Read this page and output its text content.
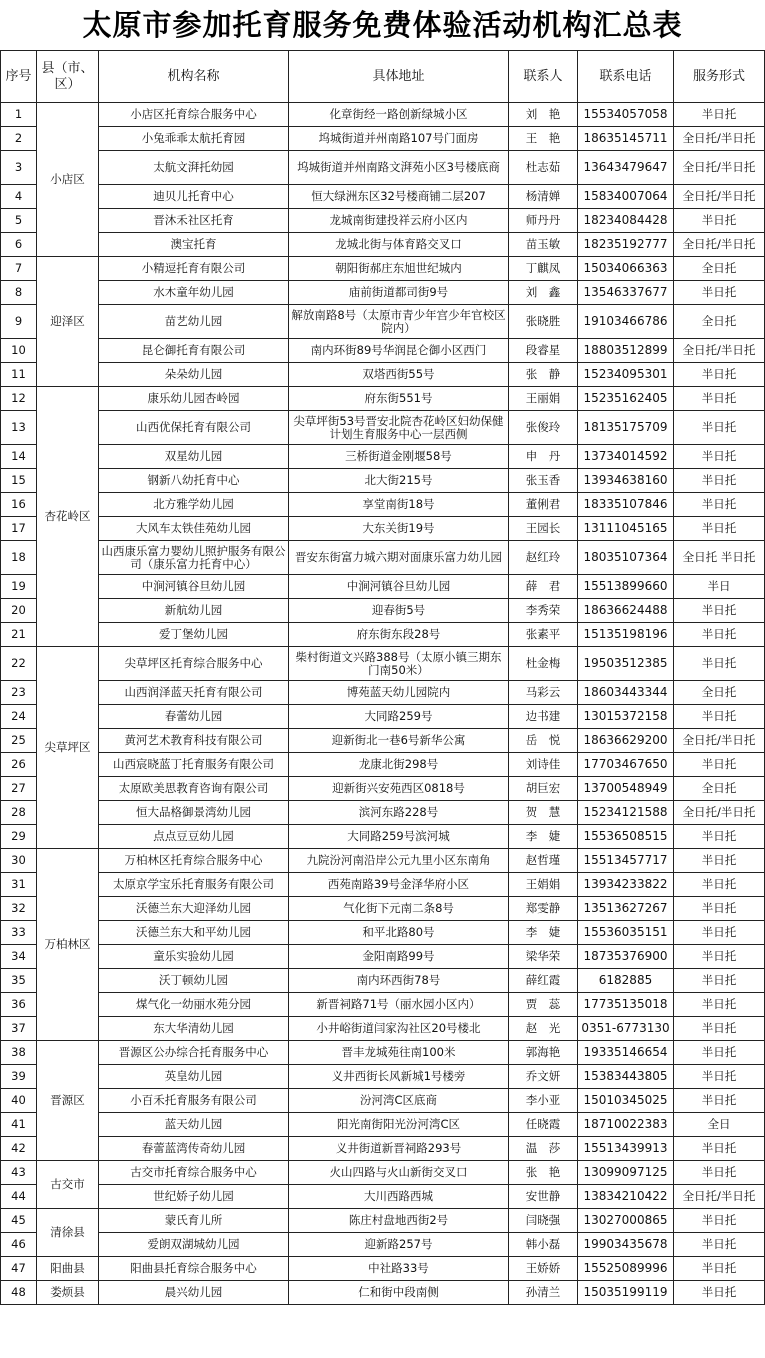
太原市参加托育服务免费体验活动机构汇总表
序号	县（市、区）	机构名称	具体地址	联系人	联系电话	服务形式
1	小店区	小店区托育综合服务中心	化章街经一路创新绿城小区	刘　艳	15534057058	半日托
2		小兔乖乖太航托育园	坞城街道并州南路107号门面房	王　艳	18635145711	全日托/半日托
3		太航文湃托幼园	坞城街道并州南路文湃苑小区3号楼底商	杜志茹	13643479647	全日托/半日托
4		迪贝儿托育中心	恒大绿洲东区32号楼商铺二层207	杨清婵	15834007064	全日托/半日托
5		晋沐禾社区托育	龙城南街建投祥云府小区内	师丹丹	18234084428	半日托
6		澳宝托育	龙城北街与体育路交叉口	苗玉敏	18235192777	全日托/半日托
7	迎泽区	小精逗托育有限公司	朝阳街郝庄东旭世纪城内	丁麒凤	15034066363	全日托
8		水木童年幼儿园	庙前街道都司街9号	刘　鑫	13546337677	半日托
9		苗艺幼儿园	解放南路8号（太原市青少年宫少年官校区院内）	张晓胜	19103466786	全日托
10		昆仑御托育有限公司	南内环街89号华润昆仑御小区西门	段睿星	18803512899	全日托/半日托
11		朵朵幼儿园	双塔西街55号	张　静	15234095301	半日托
12	杏花岭区	康乐幼儿园杏岭园	府东街551号	王丽娟	15235162405	半日托
13		山西优保托育有限公司	尖草坪街53号晋安北院杏花岭区妇幼保健计划生育服务中心一层西侧	张俊玲	18135175709	半日托
14		双星幼儿园	三桥街道金刚堰58号	申　丹	13734014592	半日托
15		钢新八幼托育中心	北大街215号	张玉香	13934638160	半日托
16		北方雅学幼儿园	享堂南街18号	董俐君	18335107846	半日托
17		大风车太铁佳苑幼儿园	大东关街19号	王园长	13111045165	半日托
18		山西康乐富力婴幼儿照护服务有限公司（康乐富力托育中心）	晋安东街富力城六期对面康乐富力幼儿园	赵红玲	18035107364	全日托 半日托
19		中涧河镇谷旦幼儿园	中涧河镇谷旦幼儿园	薛　君	15513899660	半日
20		新航幼儿园	迎春街5号	李秀荣	18636624488	半日托
21		爱丁堡幼儿园	府东街东段28号	张素平	15135198196	半日托
22	尖草坪区	尖草坪区托育综合服务中心	柴村街道文兴路388号（太原小镇三期东门南50米）	杜金梅	19503512385	半日托
23		山西润泽蓝天托育有限公司	博苑蓝天幼儿园院内	马彩云	18603443344	全日托
24		春蕾幼儿园	大同路259号	边书建	13015372158	半日托
25		黄河艺术教育科技有限公司	迎新街北一巷6号新华公寓	岳　悦	18636629200	全日托/半日托
26		山西宸晓蓝丁托育服务有限公司	龙康北街298号	刘诗佳	17703467650	半日托
27		太原欧美思教育咨询有限公司	迎新街兴安苑西区0818号	胡巨宏	13700548949	全日托
28		恒大品格御景湾幼儿园	滨河东路228号	贺　慧	15234121588	全日托/半日托
29		点点豆豆幼儿园	大同路259号滨河城	李　婕	15536508515	半日托
30	万柏林区	万柏林区托育综合服务中心	九院汾河南沿岸公元九里小区东南角	赵哲瑾	15513457717	半日托
31		太原京学宝乐托育服务有限公司	西苑南路39号金泽华府小区	王娟娟	13934233822	半日托
32		沃德兰东大迎泽幼儿园	气化街下元南二条8号	郑雯静	13513627267	半日托
33		沃德兰东大和平幼儿园	和平北路80号	李　婕	15536035151	半日托
34		童乐实验幼儿园	金阳南路99号	梁华荣	18735376900	半日托
35		沃丁顿幼儿园	南内环西街78号	薛红霞	6182885	半日托
36		煤气化一幼丽水苑分园	新晋祠路71号（丽水园小区内）	贾　蕊	17735135018	半日托
37		东大华清幼儿园	小井峪街道闫家沟社区20号楼北	赵　光	0351-6773130	半日托
38	晋源区	晋源区公办综合托育服务中心	晋丰龙城苑往南100米	郭海艳	19335146654	半日托
39		英皇幼儿园	义井西街长风新城1号楼旁	乔文妍	15383443805	半日托
40		小百禾托育服务有限公司	汾河湾C区底商	李小亚	15010345025	半日托
41		蓝天幼儿园	阳光南街阳光汾河湾C区	任晓霞	18710022383	全日
42		春蕾蓝湾传奇幼儿园	义井街道新晋祠路293号	温　莎	15513439913	半日托
43	古交市	古交市托育综合服务中心	火山四路与火山新街交叉口	张　艳	13099097125	半日托
44		世纪娇子幼儿园	大川西路西城	安世静	13834210422	全日托/半日托
45	清徐县	蒙氏育儿所	陈庄村盘地西街2号	闫晓强	13027000865	半日托
46		爱朗双湖城幼儿园	迎新路257号	韩小磊	19903435678	半日托
47	阳曲县	阳曲县托育综合服务中心	中社路33号	王娇娇	15525089996	半日托
48	娄烦县	晨兴幼儿园	仁和街中段南侧	孙清兰	15035199119	半日托
